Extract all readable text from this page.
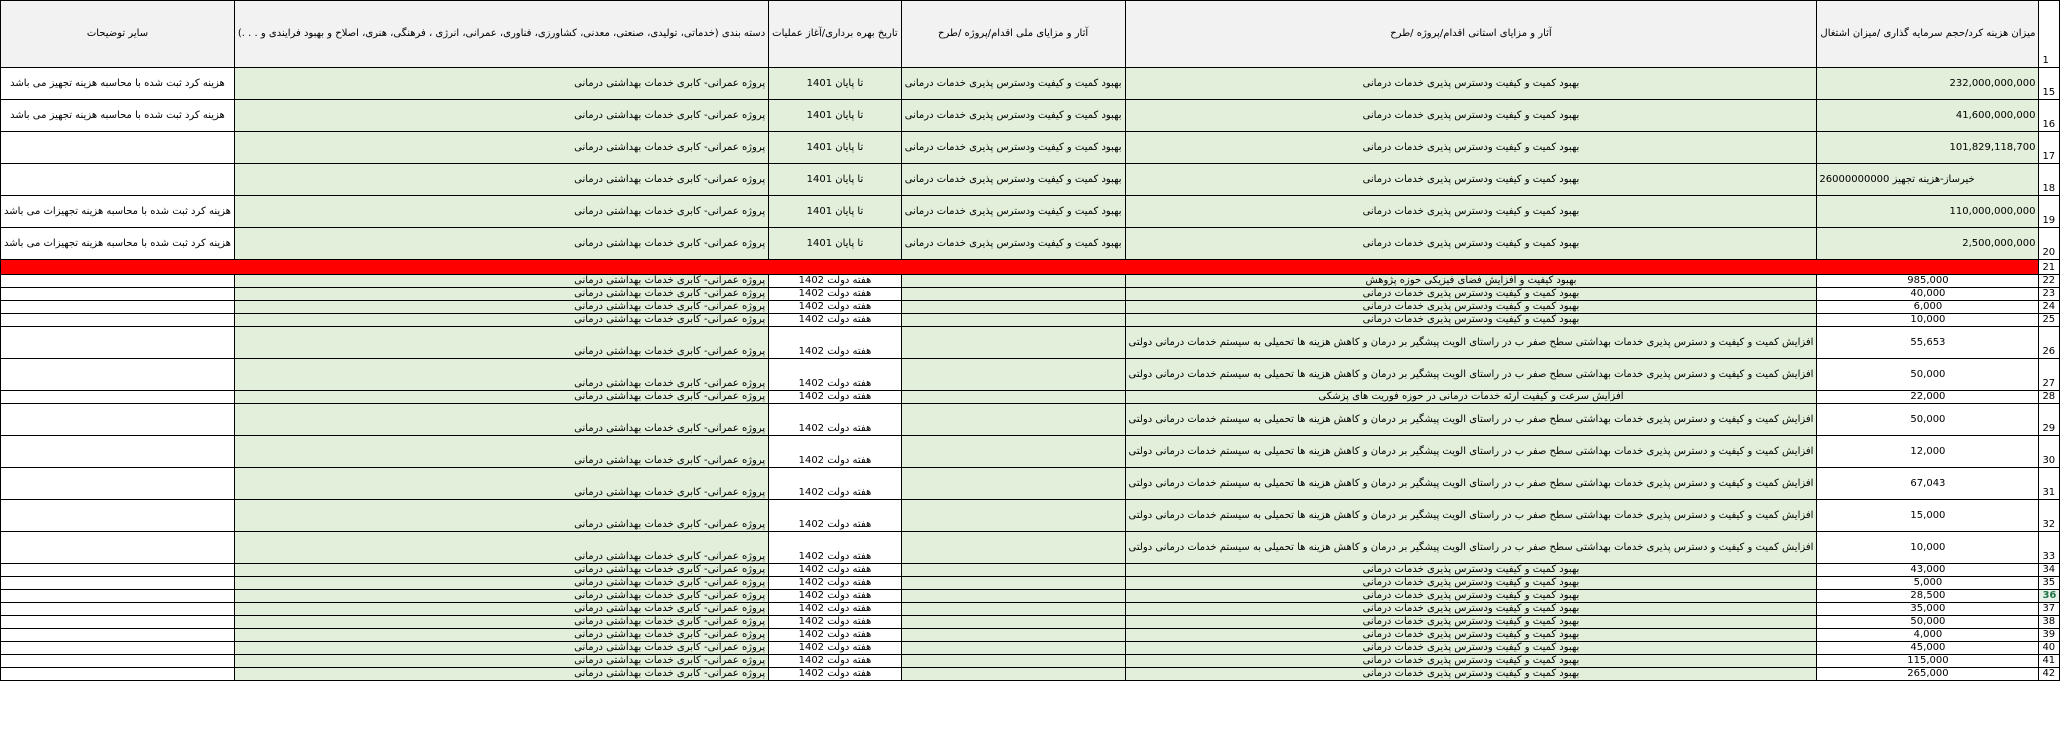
سایر توضیحات	دسته بندی (خدماتی، تولیدی، صنعتی، معدنی، کشاورزی، فناوری، عمرانی، انرژی ، فرهنگی، هنری، اصلاح و بهبود فرایندی و . . .)	تاریخ بهره برداری/آغاز عملیات	آثار و مزایای ملی اقدام/پروژه /طرح	آثار و مزایای استانی اقدام/پروژه /طرح	میزان هزینه کرد/حجم سرمایه گذاری /میزان اشتغال	1
هزینه کرد ثبت شده با محاسبه هزینه تجهیز می باشد	پروژه عمرانی- کابری خدمات بهداشتی درمانی	تا پایان 1401	بهبود کمیت و کیفیت ودسترس پذیری خدمات درمانی	بهبود کمیت و کیفیت ودسترس پذیری خدمات درمانی	232,000,000,000	15
هزینه کرد ثبت شده با محاسبه هزینه تجهیز می باشد	پروژه عمرانی- کابری خدمات بهداشتی درمانی	تا پایان 1401	بهبود کمیت و کیفیت ودسترس پذیری خدمات درمانی	بهبود کمیت و کیفیت ودسترس پذیری خدمات درمانی	41,600,000,000	16
	پروژه عمرانی- کابری خدمات بهداشتی درمانی	تا پایان 1401	بهبود کمیت و کیفیت ودسترس پذیری خدمات درمانی	بهبود کمیت و کیفیت ودسترس پذیری خدمات درمانی	101,829,118,700	17
	پروژه عمرانی- کابری خدمات بهداشتی درمانی	تا پایان 1401	بهبود کمیت و کیفیت ودسترس پذیری خدمات درمانی	بهبود کمیت و کیفیت ودسترس پذیری خدمات درمانی	خیرساز-هزینه تجهیز 26000000000	18
هزینه کرد ثبت شده با محاسبه هزینه تجهیزات می باشد	پروژه عمرانی- کابری خدمات بهداشتی درمانی	تا پایان 1401	بهبود کمیت و کیفیت ودسترس پذیری خدمات درمانی	بهبود کمیت و کیفیت ودسترس پذیری خدمات درمانی	110,000,000,000	19
هزینه کرد ثبت شده با محاسبه هزینه تجهیزات می باشد	پروژه عمرانی- کابری خدمات بهداشتی درمانی	تا پایان 1401	بهبود کمیت و کیفیت ودسترس پذیری خدمات درمانی	بهبود کمیت و کیفیت ودسترس پذیری خدمات درمانی	2,500,000,000	20
						21
	پروژه عمرانی- کابری خدمات بهداشتی درمانی	هفته دولت 1402		بهبود کیفیت و افزایش فضای فیزیکی حوزه پژوهش	985,000	22
	پروژه عمرانی- کابری خدمات بهداشتی درمانی	هفته دولت 1402		بهبود کمیت و کیفیت ودسترس پذیری خدمات درمانی	40,000	23
	پروژه عمرانی- کابری خدمات بهداشتی درمانی	هفته دولت 1402		بهبود کمیت و کیفیت ودسترس پذیری خدمات درمانی	6,000	24
	پروژه عمرانی- کابری خدمات بهداشتی درمانی	هفته دولت 1402		بهبود کمیت و کیفیت ودسترس پذیری خدمات درمانی	10,000	25
	پروژه عمرانی- کابری خدمات بهداشتی درمانی	هفته دولت 1402		افزایش کمیت و کیفیت و دسترس پذیری خدمات بهداشتی سطح صفر ب در راستای الویت پیشگیر بر درمان و کاهش هزینه ها تحمیلی به سیستم خدمات درمانی دولتی	55,653	26
	پروژه عمرانی- کابری خدمات بهداشتی درمانی	هفته دولت 1402		افزایش کمیت و کیفیت و دسترس پذیری خدمات بهداشتی سطح صفر ب در راستای الویت پیشگیر بر درمان و کاهش هزینه ها تحمیلی به سیستم خدمات درمانی دولتی	50,000	27
	پروژه عمرانی- کابری خدمات بهداشتی درمانی	هفته دولت 1402		افزایش سرعت و کیفیت ارئه خدمات درمانی در حوزه فوریت های پزشکی	22,000	28
	پروژه عمرانی- کابری خدمات بهداشتی درمانی	هفته دولت 1402		افزایش کمیت و کیفیت و دسترس پذیری خدمات بهداشتی سطح صفر ب در راستای الویت پیشگیر بر درمان و کاهش هزینه ها تحمیلی به سیستم خدمات درمانی دولتی	50,000	29
	پروژه عمرانی- کابری خدمات بهداشتی درمانی	هفته دولت 1402		افزایش کمیت و کیفیت و دسترس پذیری خدمات بهداشتی سطح صفر ب در راستای الویت پیشگیر بر درمان و کاهش هزینه ها تحمیلی به سیستم خدمات درمانی دولتی	12,000	30
	پروژه عمرانی- کابری خدمات بهداشتی درمانی	هفته دولت 1402		افزایش کمیت و کیفیت و دسترس پذیری خدمات بهداشتی سطح صفر ب در راستای الویت پیشگیر بر درمان و کاهش هزینه ها تحمیلی به سیستم خدمات درمانی دولتی	67,043	31
	پروژه عمرانی- کابری خدمات بهداشتی درمانی	هفته دولت 1402		افزایش کمیت و کیفیت و دسترس پذیری خدمات بهداشتی سطح صفر ب در راستای الویت پیشگیر بر درمان و کاهش هزینه ها تحمیلی به سیستم خدمات درمانی دولتی	15,000	32
	پروژه عمرانی- کابری خدمات بهداشتی درمانی	هفته دولت 1402		افزایش کمیت و کیفیت و دسترس پذیری خدمات بهداشتی سطح صفر ب در راستای الویت پیشگیر بر درمان و کاهش هزینه ها تحمیلی به سیستم خدمات درمانی دولتی	10,000	33
	پروژه عمرانی- کابری خدمات بهداشتی درمانی	هفته دولت 1402		بهبود کمیت و کیفیت ودسترس پذیری خدمات درمانی	43,000	34
	پروژه عمرانی- کابری خدمات بهداشتی درمانی	هفته دولت 1402		بهبود کمیت و کیفیت ودسترس پذیری خدمات درمانی	5,000	35
	پروژه عمرانی- کابری خدمات بهداشتی درمانی	هفته دولت 1402		بهبود کمیت و کیفیت ودسترس پذیری خدمات درمانی	28,500	36
	پروژه عمرانی- کابری خدمات بهداشتی درمانی	هفته دولت 1402		بهبود کمیت و کیفیت ودسترس پذیری خدمات درمانی	35,000	37
	پروژه عمرانی- کابری خدمات بهداشتی درمانی	هفته دولت 1402		بهبود کمیت و کیفیت ودسترس پذیری خدمات درمانی	50,000	38
	پروژه عمرانی- کابری خدمات بهداشتی درمانی	هفته دولت 1402		بهبود کمیت و کیفیت ودسترس پذیری خدمات درمانی	4,000	39
	پروژه عمرانی- کابری خدمات بهداشتی درمانی	هفته دولت 1402		بهبود کمیت و کیفیت ودسترس پذیری خدمات درمانی	45,000	40
	پروژه عمرانی- کابری خدمات بهداشتی درمانی	هفته دولت 1402		بهبود کمیت و کیفیت ودسترس پذیری خدمات درمانی	115,000	41
	پروژه عمرانی- کابری خدمات بهداشتی درمانی	هفته دولت 1402		بهبود کمیت و کیفیت ودسترس پذیری خدمات درمانی	265,000	42
